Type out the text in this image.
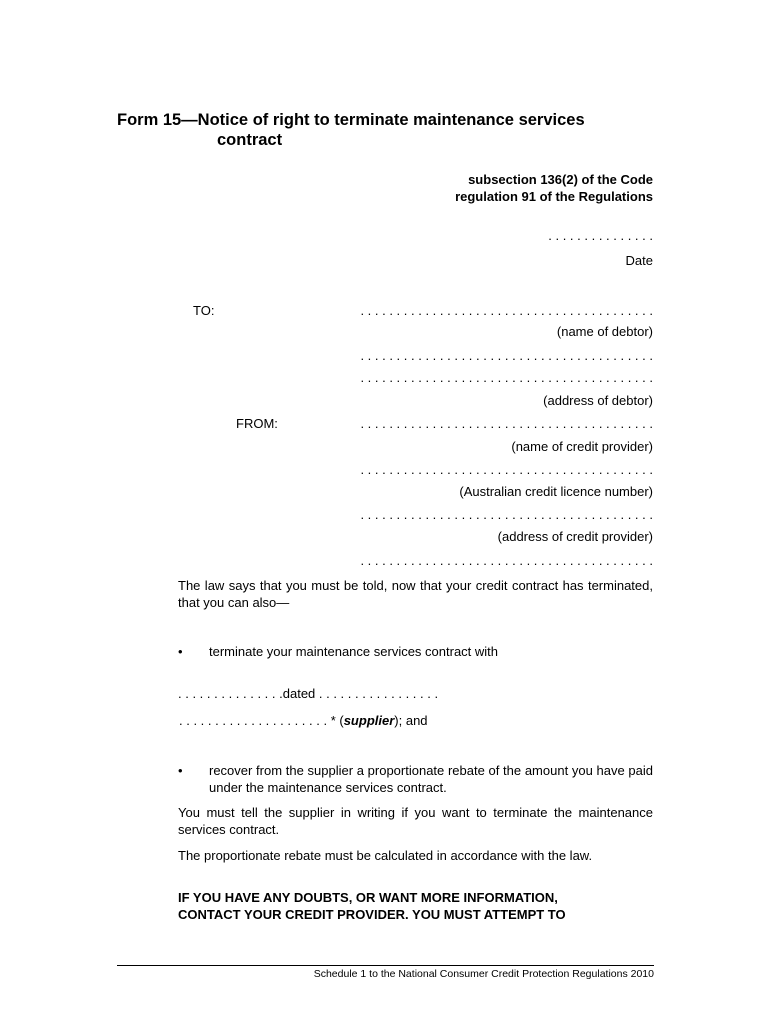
Form 15—Notice of right to terminate maintenance services
contract
subsection 136(2) of the Code
regulation 91 of the Regulations
. . . . . . . . . . . . . . .
Date
TO:	. . . . . . . . . . . . . . . . . . . . . . . . . . . . . . . . . . . . . . . . .
(name of debtor)
. . . . . . . . . . . . . . . . . . . . . . . . . . . . . . . . . . . . . . . . .
. . . . . . . . . . . . . . . . . . . . . . . . . . . . . . . . . . . . . . . . .
(address of debtor)
FROM:	. . . . . . . . . . . . . . . . . . . . . . . . . . . . . . . . . . . . . . . . .
(name of credit provider)
. . . . . . . . . . . . . . . . . . . . . . . . . . . . . . . . . . . . . . . . .
(Australian credit licence number)
. . . . . . . . . . . . . . . . . . . . . . . . . . . . . . . . . . . . . . . . .
(address of credit provider)
. . . . . . . . . . . . . . . . . . . . . . . . . . . . . . . . . . . . . . . . .
The law says that you must be told, now that your credit contract has terminated, that you can also—
• terminate your maintenance services contract with
. . . . . . . . . . . . . . .dated . . . . . . . . . . . . . . . . .
. . . . . . . . . . . . . . . . . . . . . * (supplier); and
• recover from the supplier a proportionate rebate of the amount you have paid under the maintenance services contract.
You must tell the supplier in writing if you want to terminate the maintenance services contract.
The proportionate rebate must be calculated in accordance with the law.
IF YOU HAVE ANY DOUBTS, OR WANT MORE INFORMATION,
CONTACT YOUR CREDIT PROVIDER. YOU MUST ATTEMPT TO
Schedule 1 to the National Consumer Credit Protection Regulations 2010
